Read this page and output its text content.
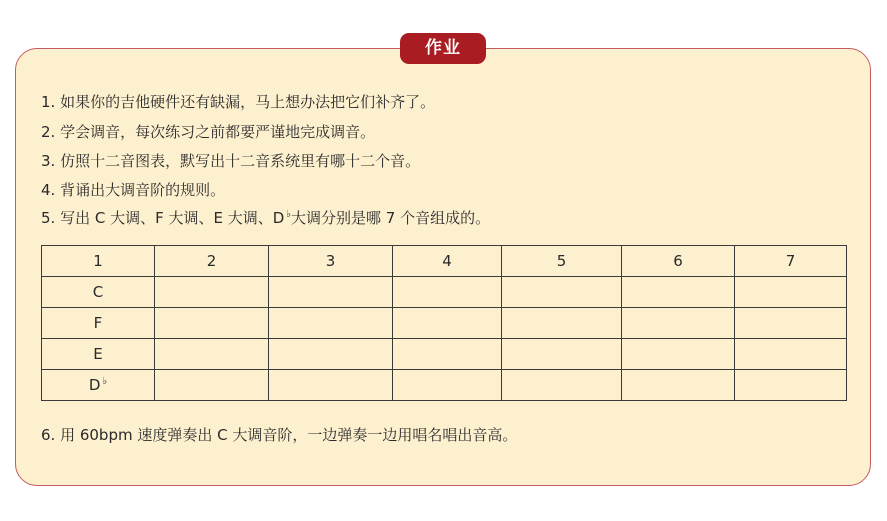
作业
1. 如果你的吉他硬件还有缺漏，马上想办法把它们补齐了。
2. 学会调音，每次练习之前都要严谨地完成调音。
3. 仿照十二音图表，默写出十二音系统里有哪十二个音。
4. 背诵出大调音阶的规则。
5. 写出 C 大调、F 大调、E 大调、D ♭大调分别是哪 7 个音组成的。
1	2	3	4	5	6	7
C						
F						
E						
D ♭						
6. 用 60bpm 速度弹奏出 C 大调音阶，一边弹奏一边用唱名唱出音高。
